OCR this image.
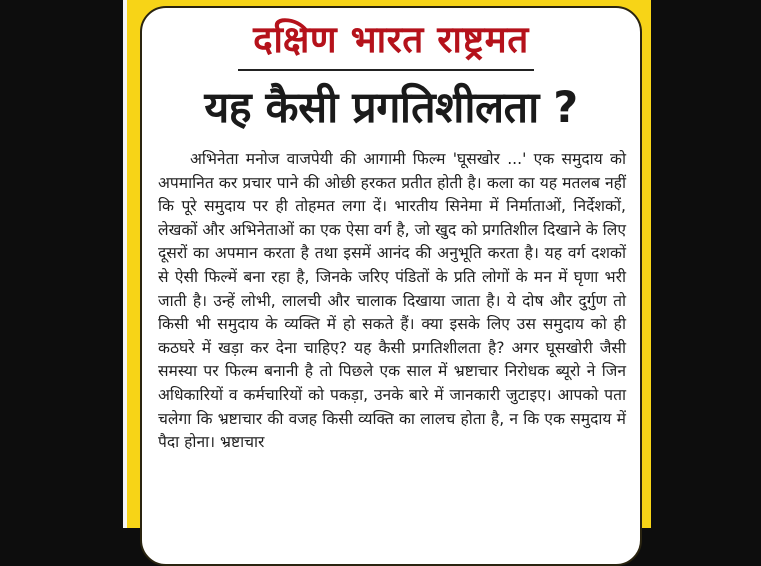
दक्षिण भारत राष्ट्रमत
यह कैसी प्रगतिशीलता ?

अभिनेता मनोज वाजपेयी की आगामी फिल्म 'घूसखोर ...' एक समुदाय को अपमानित कर प्रचार पाने की ओछी हरकत प्रतीत होती है। कला का यह मतलब नहीं कि पूरे समुदाय पर ही तोहमत लगा दें। भारतीय सिनेमा में निर्माताओं, निर्देशकों, लेखकों और अभिनेताओं का एक ऐसा वर्ग है, जो खुद को प्रगतिशील दिखाने के लिए दूसरों का अपमान करता है तथा इसमें आनंद की अनुभूति करता है। यह वर्ग दशकों से ऐसी फिल्में बना रहा है, जिनके जरिए पंडितों के प्रति लोगों के मन में घृणा भरी जाती है। उन्हें लोभी, लालची और चालाक दिखाया जाता है। ये दोष और दुर्गुण तो किसी भी समुदाय के व्यक्ति में हो सकते हैं। क्या इसके लिए उस समुदाय को ही कठघरे में खड़ा कर देना चाहिए? यह कैसी प्रगतिशीलता है? अगर घूसखोरी जैसी समस्या पर फिल्म बनानी है तो पिछले एक साल में भ्रष्टाचार निरोधक ब्यूरो ने जिन अधिकारियों व कर्मचारियों को पकड़ा, उनके बारे में जानकारी जुटाइए। आपको पता चलेगा कि भ्रष्टाचार की वजह किसी व्यक्ति का लालच होता है, न कि एक समुदाय में पैदा होना। भ्रष्टाचार
